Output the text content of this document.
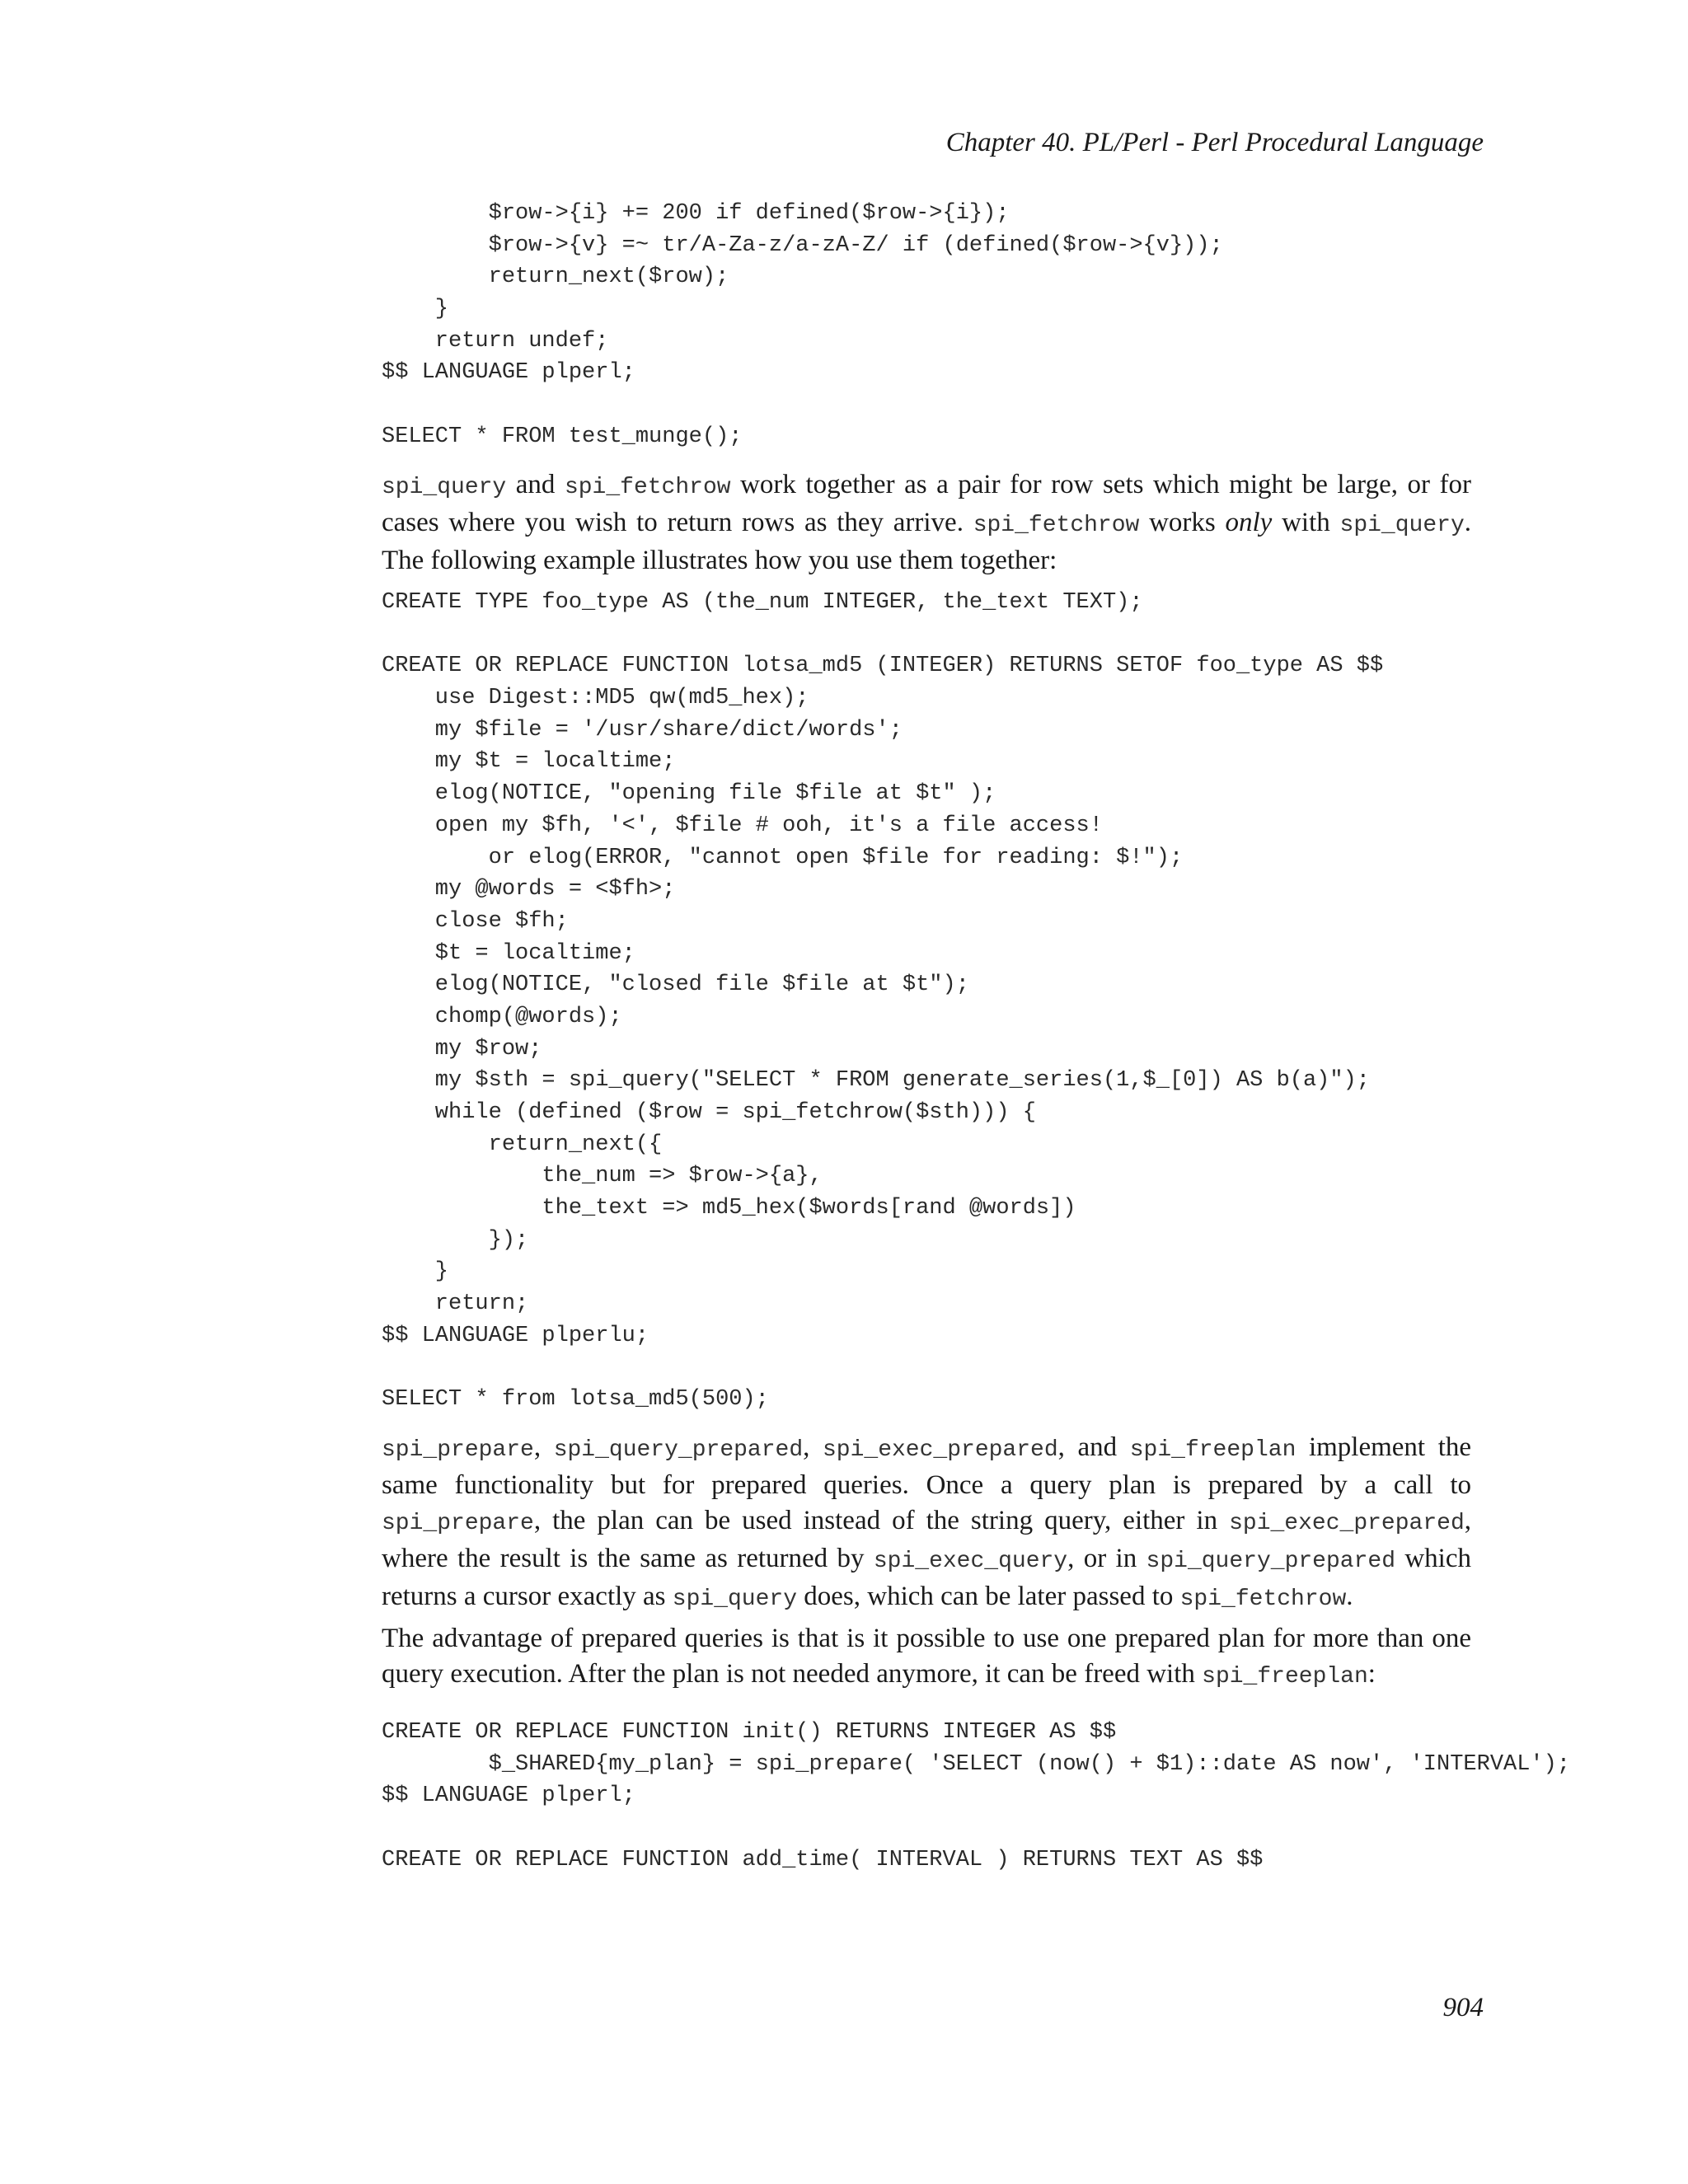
Chapter 40. PL/Perl - Perl Procedural Language
$row->{i} += 200 if defined($row->{i});
$row->{v} =~ tr/A-Za-z/a-zA-Z/ if (defined($row->{v}));
return_next($row);
}
return undef;
$$ LANGUAGE plperl;
SELECT * FROM test_munge();

spi_query and spi_fetchrow work together as a pair for row sets which might be large, or for cases where you wish to return rows as they arrive. spi_fetchrow works only with spi_query. The following example illustrates how you use them together:

CREATE TYPE foo_type AS (the_num INTEGER, the_text TEXT);
CREATE OR REPLACE FUNCTION lotsa_md5 (INTEGER) RETURNS SETOF foo_type AS $$
use Digest::MD5 qw(md5_hex);
my $file = '/usr/share/dict/words';
my $t = localtime;
elog(NOTICE, "opening file $file at $t" );
open my $fh, '<', $file # ooh, it's a file access!
or elog(ERROR, "cannot open $file for reading: $!");
my @words = <$fh>;
close $fh;
$t = localtime;
elog(NOTICE, "closed file $file at $t");
chomp(@words);
my $row;
my $sth = spi_query("SELECT * FROM generate_series(1,$_[0]) AS b(a)");
while (defined ($row = spi_fetchrow($sth))) {
return_next({
the_num => $row->{a},
the_text => md5_hex($words[rand @words])
});
}
return;
$$ LANGUAGE plperlu;
SELECT * from lotsa_md5(500);

spi_prepare, spi_query_prepared, spi_exec_prepared, and spi_freeplan implement the same functionality but for prepared queries. Once a query plan is prepared by a call to spi_prepare, the plan can be used instead of the string query, either in spi_exec_prepared, where the result is the same as returned by spi_exec_query, or in spi_query_prepared which returns a cursor exactly as spi_query does, which can be later passed to spi_fetchrow.

The advantage of prepared queries is that is it possible to use one prepared plan for more than one query execution. After the plan is not needed anymore, it can be freed with spi_freeplan:

CREATE OR REPLACE FUNCTION init() RETURNS INTEGER AS $$
$_SHARED{my_plan} = spi_prepare( 'SELECT (now() + $1)::date AS now', 'INTERVAL');
$$ LANGUAGE plperl;
CREATE OR REPLACE FUNCTION add_time( INTERVAL ) RETURNS TEXT AS $$
904
